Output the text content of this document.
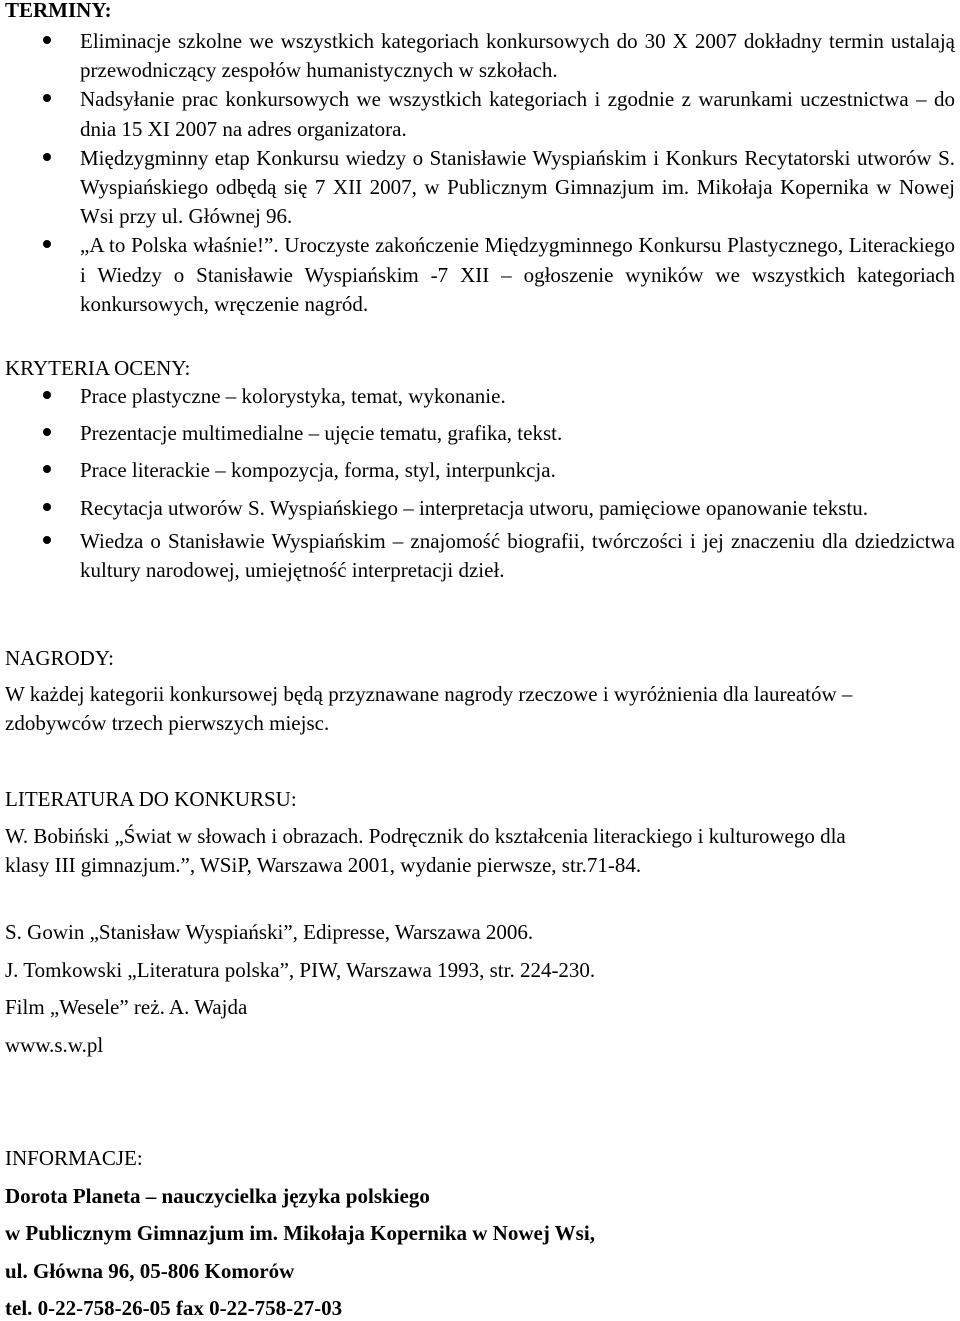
TERMINY:
Eliminacje szkolne we wszystkich kategoriach konkursowych do 30 X 2007 dokładny termin ustalają przewodniczący zespołów humanistycznych w szkołach.
Nadsyłanie prac konkursowych we wszystkich kategoriach i zgodnie z warunkami uczestnictwa – do dnia 15 XI 2007 na adres organizatora.
Międzygminny etap Konkursu wiedzy o Stanisławie Wyspiańskim i Konkurs Recytatorski utworów S. Wyspiańskiego odbędą się 7 XII 2007, w Publicznym Gimnazjum im. Mikołaja Kopernika w Nowej Wsi przy ul. Głównej 96.
„A to Polska właśnie!”. Uroczyste zakończenie Międzygminnego Konkursu Plastycznego, Literackiego i Wiedzy o Stanisławie Wyspiańskim -7 XII – ogłoszenie wyników we wszystkich kategoriach konkursowych, wręczenie nagród.
KRYTERIA OCENY:
Prace plastyczne – kolorystyka, temat, wykonanie.
Prezentacje multimedialne – ujęcie tematu, grafika, tekst.
Prace literackie – kompozycja, forma, styl, interpunkcja.
Recytacja utworów S. Wyspiańskiego – interpretacja utworu, pamięciowe opanowanie tekstu.
Wiedza o Stanisławie Wyspiańskim – znajomość biografii, twórczości i jej znaczeniu dla dziedzictwa kultury narodowej, umiejętność interpretacji dzieł.
NAGRODY:
W każdej kategorii konkursowej będą przyznawane nagrody rzeczowe i wyróżnienia dla laureatów – zdobywców trzech pierwszych miejsc.
LITERATURA DO KONKURSU:
W. Bobiński „Świat w słowach i obrazach. Podręcznik do kształcenia literackiego i kulturowego dla klasy III gimnazjum.”, WSiP, Warszawa 2001, wydanie pierwsze, str.71-84.
S. Gowin „Stanisław Wyspiański”, Edipresse, Warszawa 2006.
J. Tomkowski „Literatura polska”, PIW, Warszawa 1993, str. 224-230.
Film „Wesele” reż. A. Wajda
www.s.w.pl
INFORMACJE:
Dorota Planeta – nauczycielka języka polskiego
w Publicznym Gimnazjum im. Mikołaja Kopernika w Nowej Wsi,
ul. Główna 96, 05-806 Komorów
tel. 0-22-758-26-05 fax 0-22-758-27-03
